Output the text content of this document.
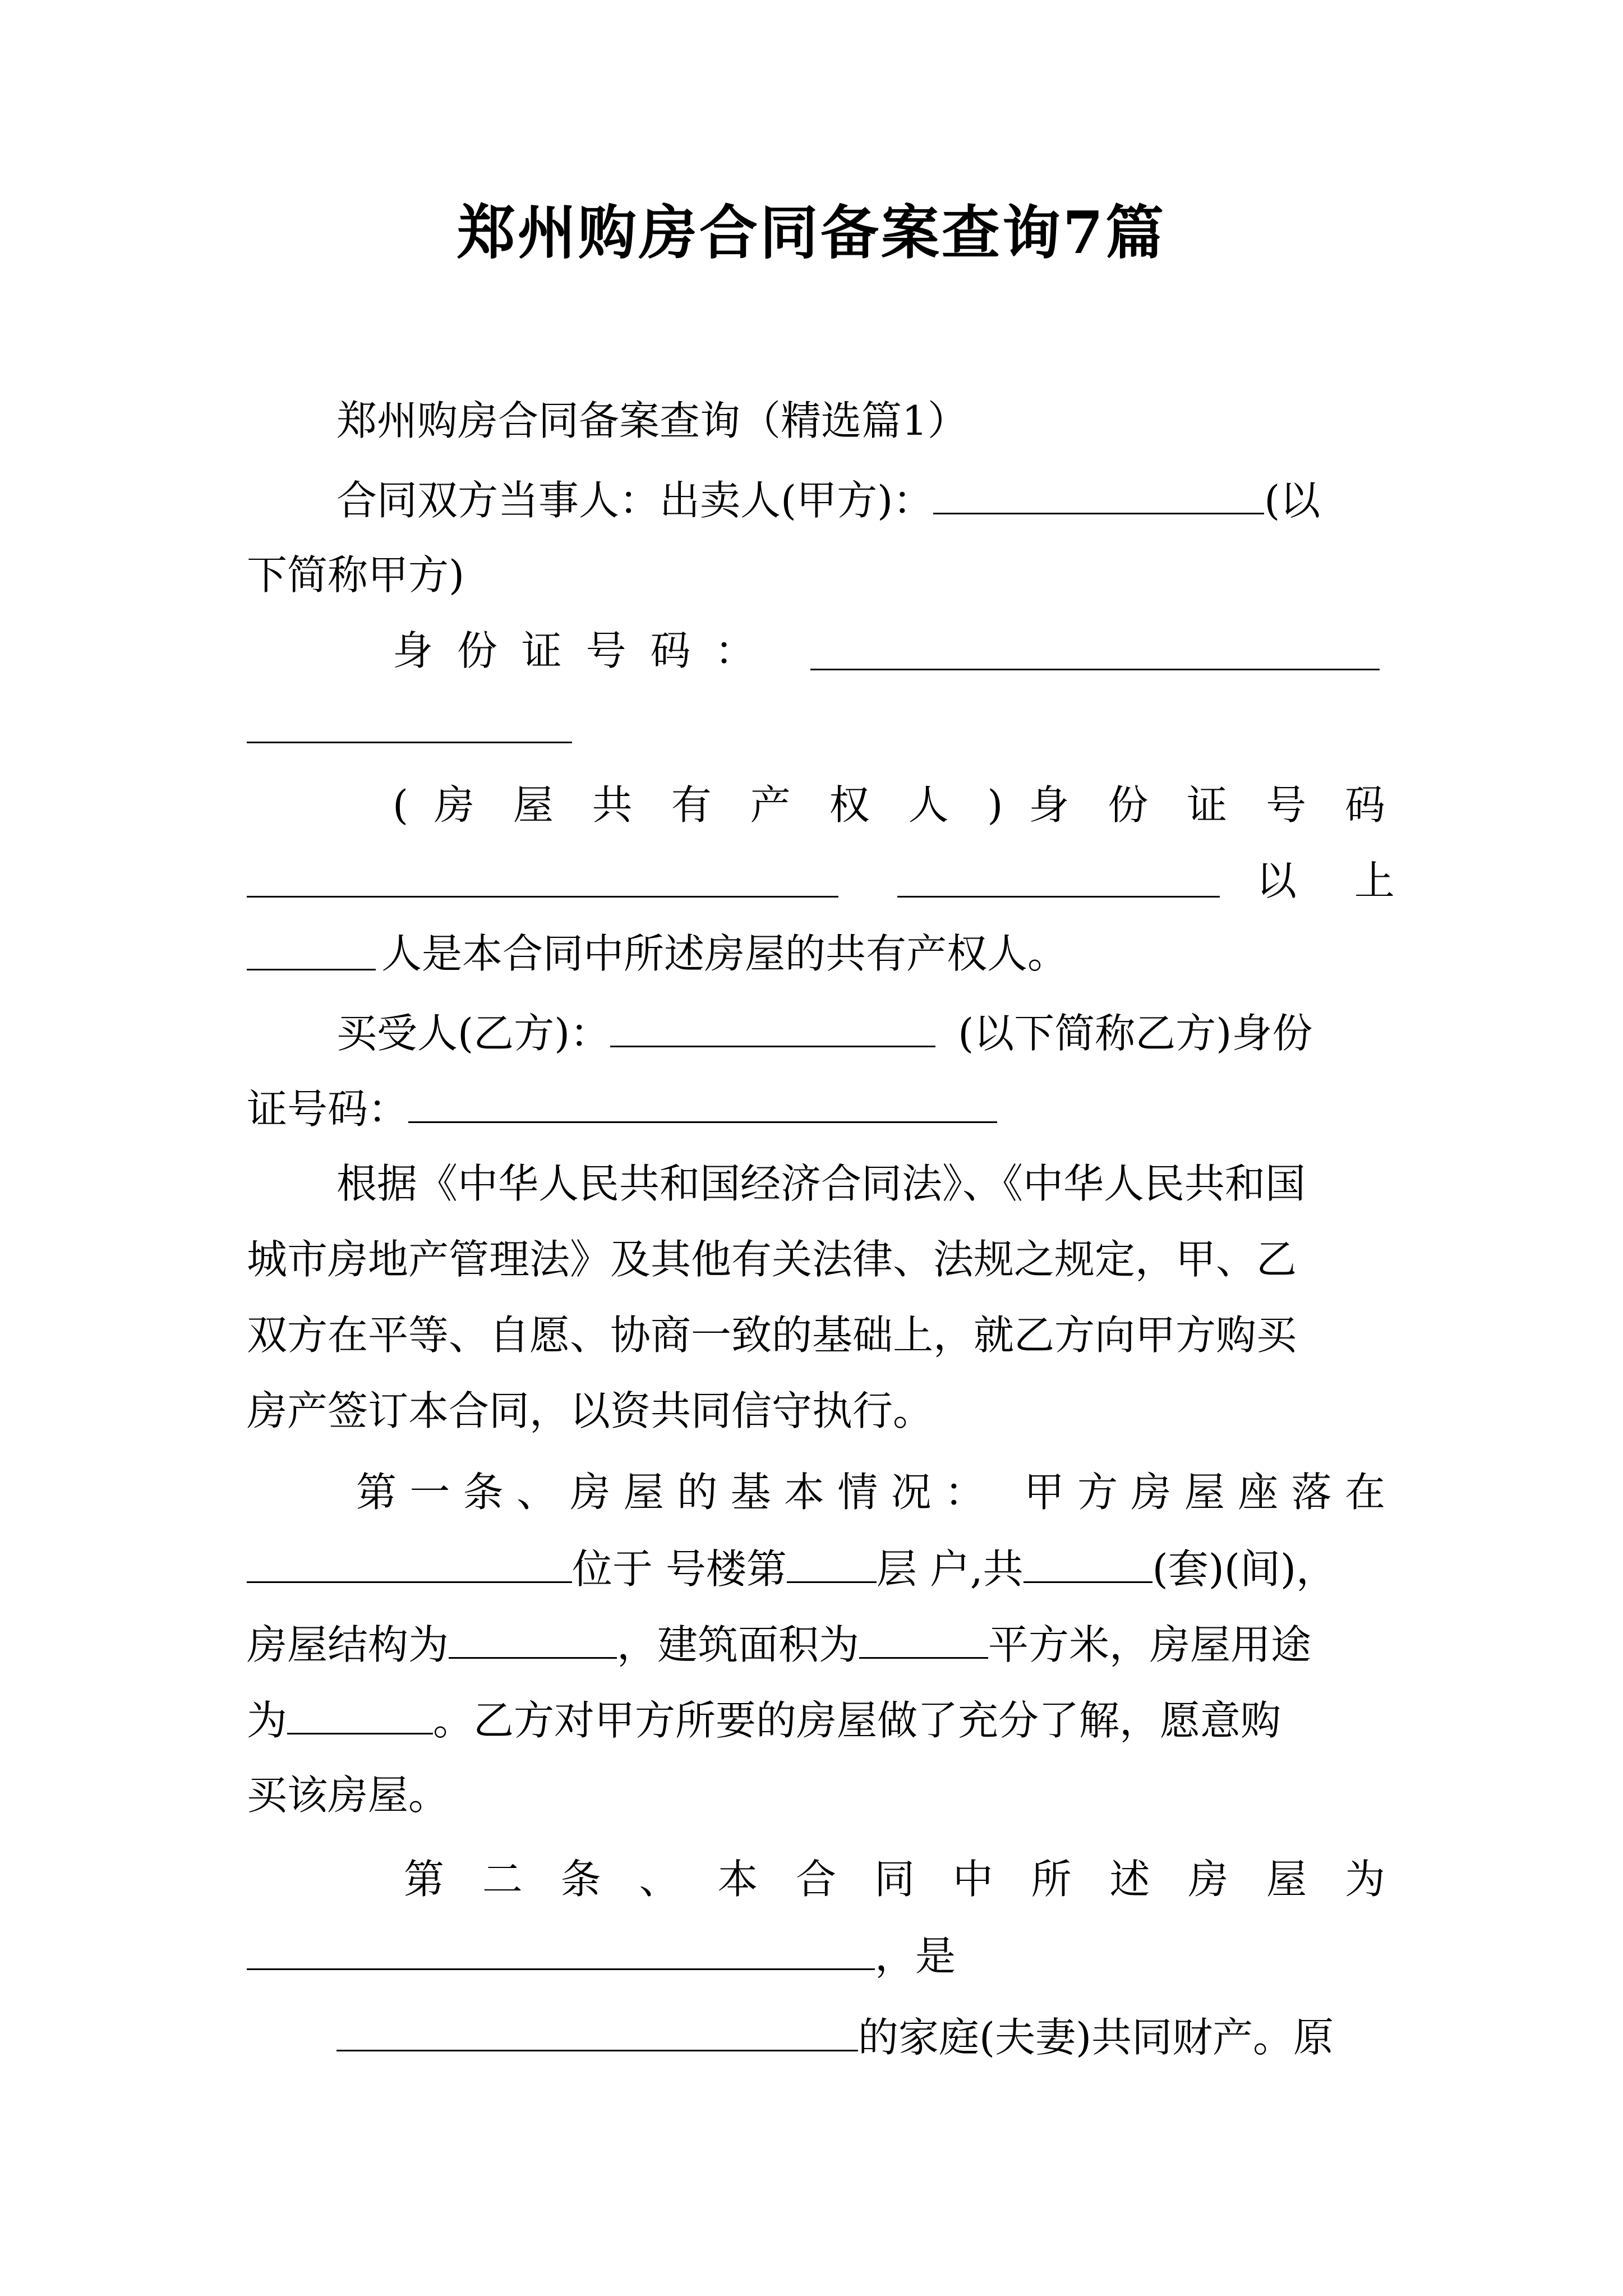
郑州购房合同备案查询7篇
郑州购房合同备案查询（精选篇1）
合同双方当事人：出卖人(甲方)：	(以
下简称甲方)
身 份 证 号 码 ：
( 房 屋 共 有 产 权 人 ) 身 份 证 号 码
以 上
人是本合同中所述房屋的共有产权人。
买受人(乙方)：	(以下简称乙方)身份
证号码：
根据《中华人民共和国经济合同法》、《中华人民共和国
城市房地产管理法》及其他有关法律、法规之规定，甲、乙
双方在平等、自愿、协商一致的基础上，就乙方向甲方购买
房产签订本合同，以资共同信守执行。
第一条、房屋的基本情况： 甲方房屋座落在
位于 号楼第 层 户,共	(套)(间)，
房屋结构为	，建筑面积为	平方米，房屋用途
为	。乙方对甲方所要的房屋做了充分了解，愿意购
买该房屋。
第 二 条 、 本 合 同 中 所 述 房 屋 为
，是
的家庭(夫妻)共同财产。原
